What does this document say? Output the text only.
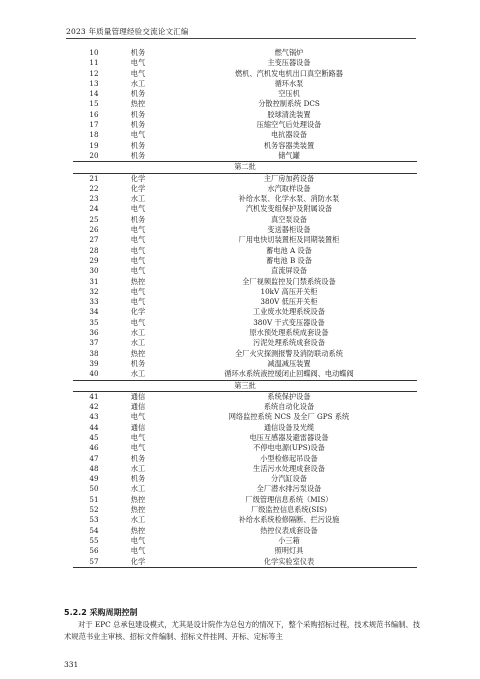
2023 年质量管理经验交流论文汇编
10	机务	燃气锅炉
11	电气	主变压器设备
12	电气	燃机、汽机发电机出口真空断路器
13	水工	循环水泵
14	机务	空压机
15	热控	分散控制系统 DCS
16	机务	胶球清洗装置
17	机务	压缩空气后处理设备
18	电气	电抗器设备
19	机务	机务容器类装置
20	机务	储气罐
第二批		
21	化学	主厂房加药设备
22	化学	水汽取样设备
23	水工	补给水泵、化学水泵、消防水泵
24	电气	汽机发变组保护及附属设备
25	机务	真空泵设备
26	电气	变送器柜设备
27	电气	厂用电快切装置柜及同期装置柜
28	电气	蓄电池 A 设备
29	电气	蓄电池 B 设备
30	电气	直流屏设备
31	热控	全厂视频监控及门禁系统设备
32	电气	10kV 高压开关柜
33	电气	380V 低压开关柜
34	化学	工业废水处理系统设备
35	电气	380V 干式变压器设备
36	水工	原水预处理系统成套设备
37	水工	污泥处理系统成套设备
38	热控	全厂火灾探测报警及消防联动系统
39	机务	减温减压装置
40	水工	循环水系统液控缓闭止回蝶阀、电动蝶阀
第三批		
41	通信	系统保护设备
42	通信	系统自动化设备
43	电气	网络监控系统 NCS 及全厂 GPS 系统
44	通信	通信设备及光缆
45	电气	电压互感器及避雷器设备
46	电气	不停电电源(UPS)设备
47	机务	小型检修起吊设备
48	水工	生活污水处理成套设备
49	机务	分汽缸设备
50	水工	全厂潜水排污泵设备
51	热控	厂级管理信息系统（MIS）
52	热控	厂级监控信息系统(SIS)
53	水工	补给水系统检修隔断、拦污设施
54	热控	热控仪表成套设备
55	电气	小三箱
56	电气	照明灯具
57	化学	化学实验室仪表
5.2.2 采购周期控制
对于 EPC 总承包建设模式，尤其是设计院作为总包方的情况下，整个采购招标过程，技术规范书编制、技术规范书业主审核、招标文件编制、招标文件挂网、开标、定标等主
331
